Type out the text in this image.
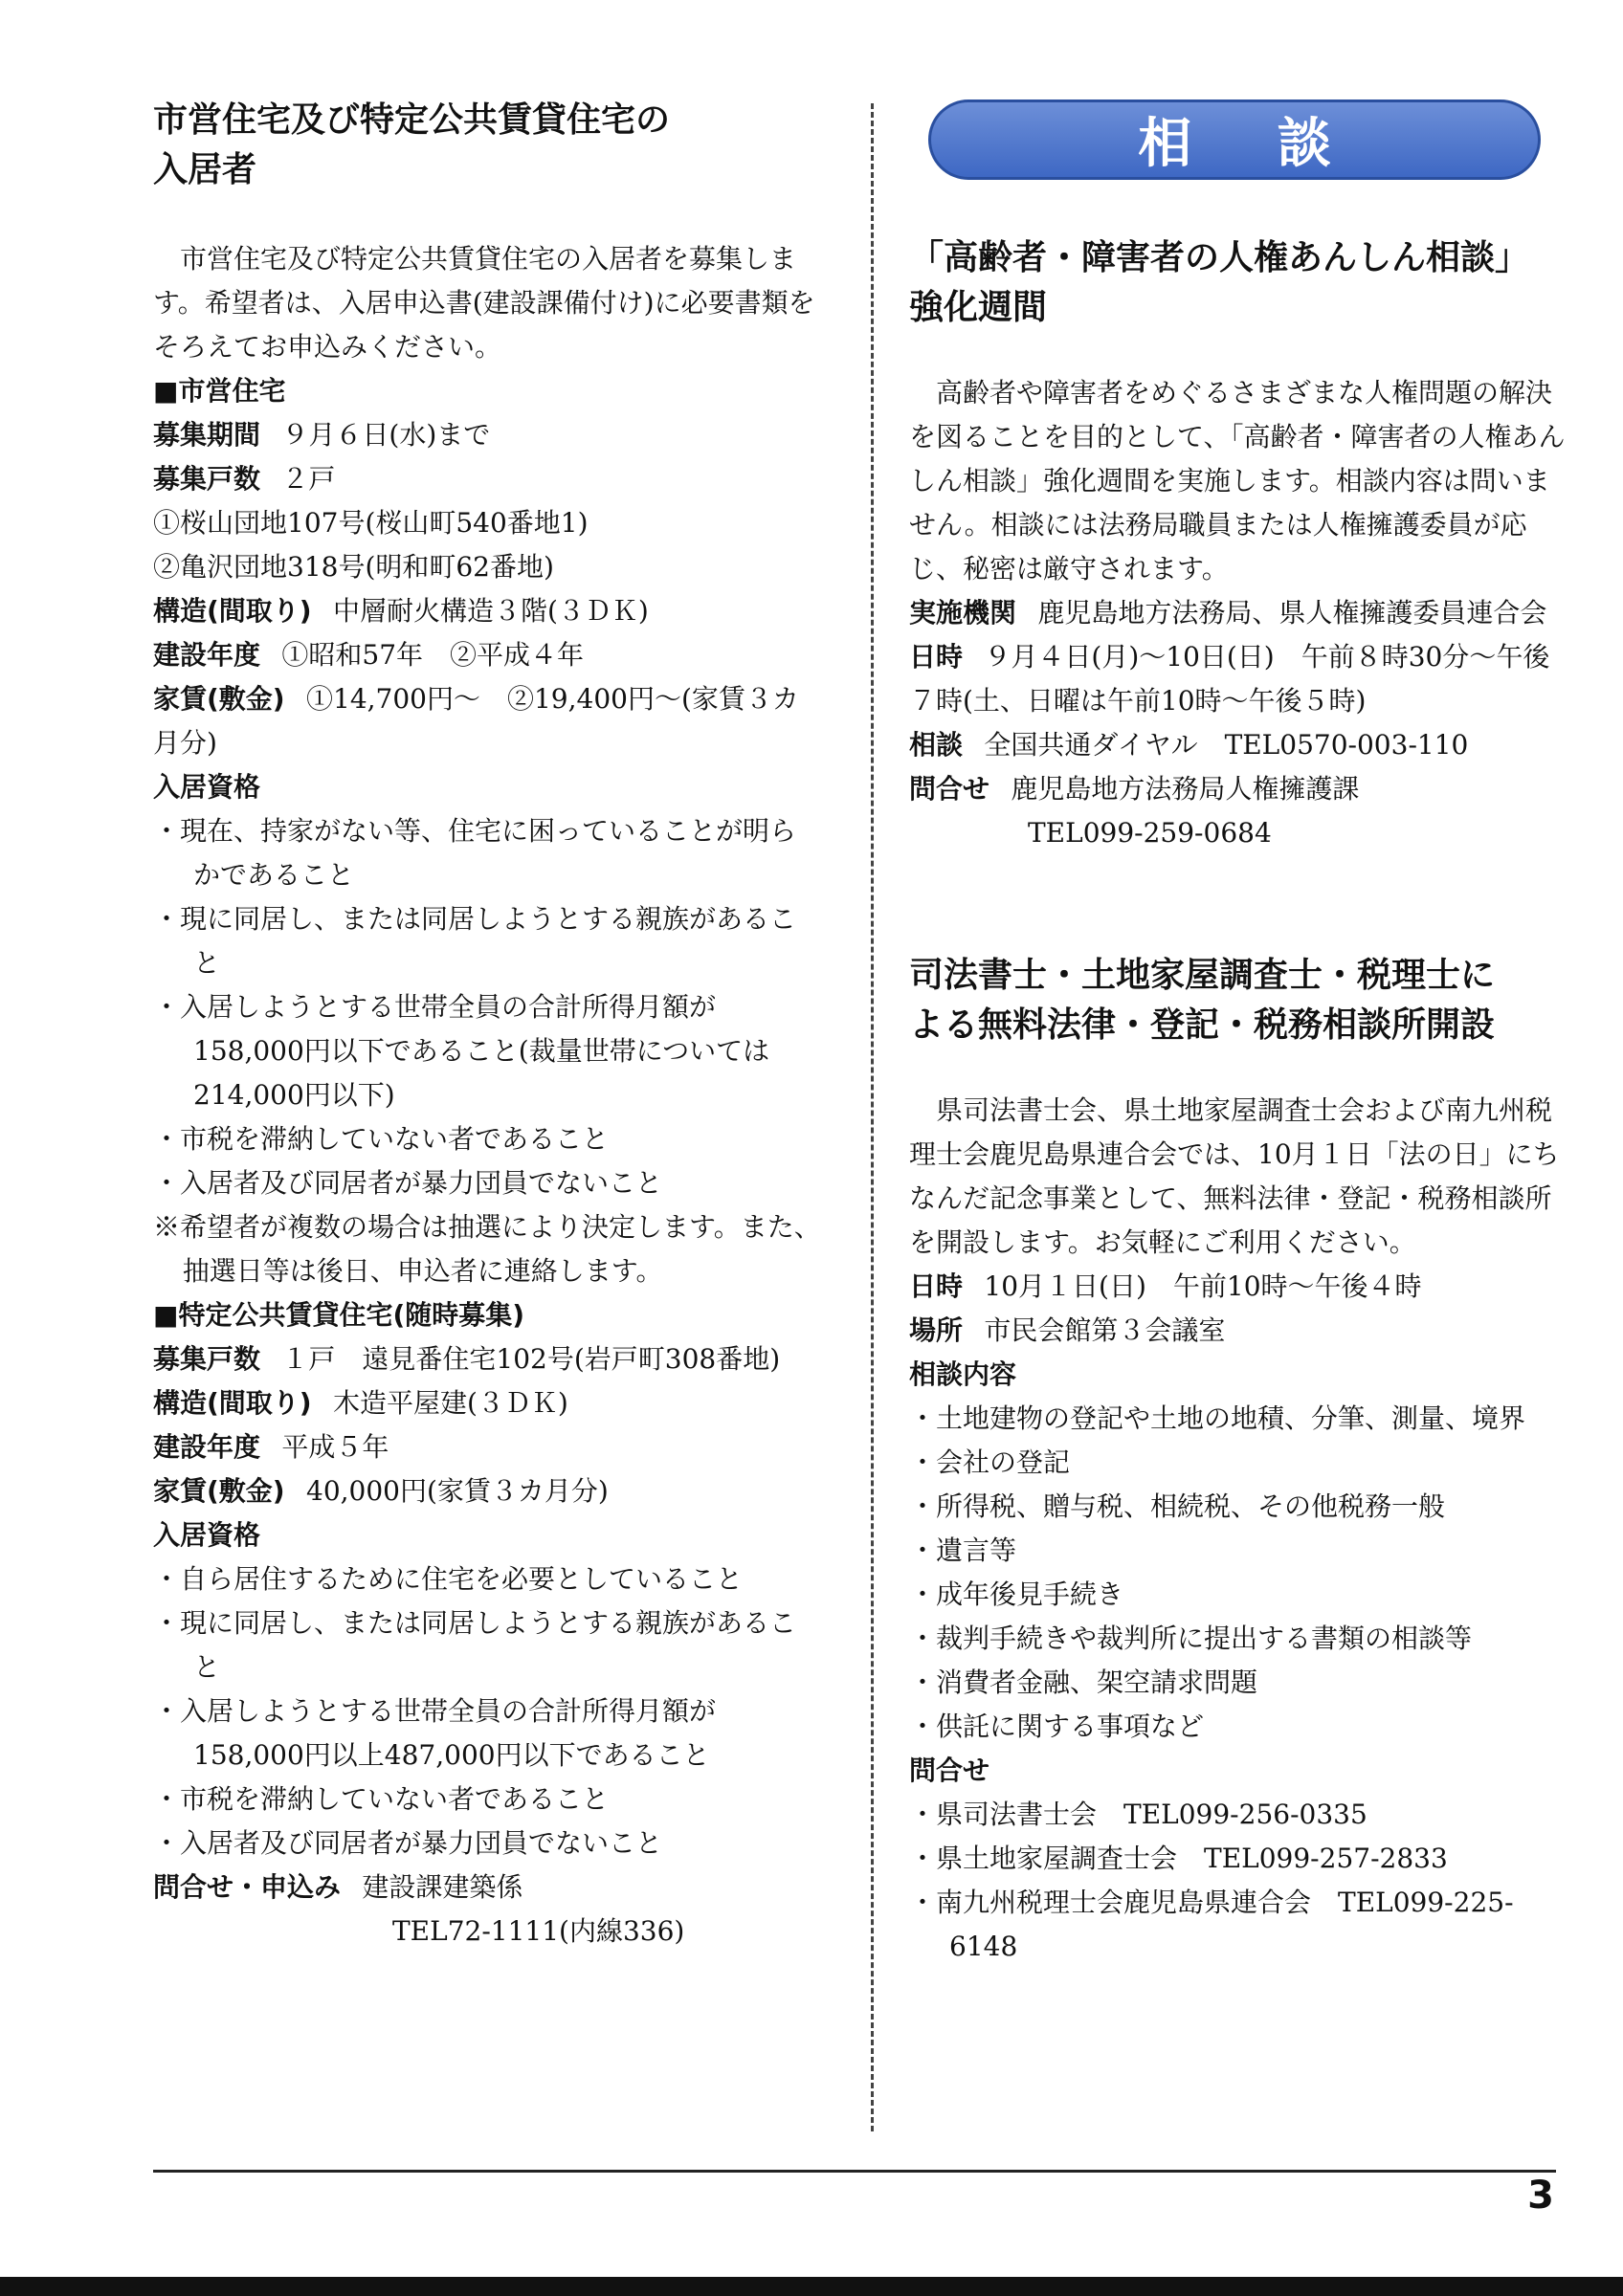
市営住宅及び特定公共賃貸住宅の
入居者

市営住宅及び特定公共賃貸住宅の入居者を募集します。希望者は、入居申込書(建設課備付け)に必要書類をそろえてお申込みください。

■市営住宅

募集期間 ９月６日(水)まで

募集戸数 ２戸

①桜山団地107号(桜山町540番地1)

②亀沢団地318号(明和町62番地)

構造(間取り) 中層耐火構造３階(３ＤＫ)

建設年度 ①昭和57年　②平成４年

家賃(敷金) ①14,700円～　②19,400円～(家賃３カ月分)

入居資格

・ 現在、持家がない等、住宅に困っていることが明らかであること
・ 現に同居し、または同居しようとする親族があること
・ 入居しようとする世帯全員の合計所得月額が158,000円以下であること(裁量世帯については214,000円以下)
・ 市税を滞納していない者であること
・ 入居者及び同居者が暴力団員でないこと

※希望者が複数の場合は抽選により決定します。また、抽選日等は後日、申込者に連絡します。

■特定公共賃貸住宅(随時募集)

募集戸数 １戸　遠見番住宅102号(岩戸町308番地)

構造(間取り) 木造平屋建(３ＤＫ)

建設年度 平成５年

家賃(敷金) 40,000円(家賃３カ月分)

入居資格

・ 自ら居住するために住宅を必要としていること
・ 現に同居し、または同居しようとする親族があること
・ 入居しようとする世帯全員の合計所得月額が158,000円以上487,000円以下であること
・ 市税を滞納していない者であること
・ 入居者及び同居者が暴力団員でないこと

問合せ・申込み 建設課建築係

TEL72-1111(内線336)

相談
「高齢者・障害者の人権あんしん相談」
強化週間

高齢者や障害者をめぐるさまざまな人権問題の解決を図ることを目的として、「高齢者・障害者の人権あんしん相談」強化週間を実施します。相談内容は問いません。相談には法務局職員または人権擁護委員が応じ、秘密は厳守されます。

実施機関 鹿児島地方法務局、県人権擁護委員連合会

日時 ９月４日(月)～10日(日)　午前８時30分～午後７時(土、日曜は午前10時～午後５時)

相談 全国共通ダイヤル　TEL0570-003-110

問合せ 鹿児島地方法務局人権擁護課

TEL099-259-0684

司法書士・土地家屋調査士・税理士に
よる無料法律・登記・税務相談所開設

県司法書士会、県土地家屋調査士会および南九州税理士会鹿児島県連合会では、10月１日「法の日」にちなんだ記念事業として、無料法律・登記・税務相談所を開設します。お気軽にご利用ください。

日時 10月１日(日)　午前10時～午後４時

場所 市民会館第３会議室

相談内容

・ 土地建物の登記や土地の地積、分筆、測量、境界
・ 会社の登記
・ 所得税、贈与税、相続税、その他税務一般
・ 遺言等
・ 成年後見手続き
・ 裁判手続きや裁判所に提出する書類の相談等
・ 消費者金融、架空請求問題
・ 供託に関する事項など

問合せ

・ 県司法書士会　TEL099-256-0335
・ 県土地家屋調査士会　TEL099-257-2833
・ 南九州税理士会鹿児島県連合会　TEL099-225-6148
3
